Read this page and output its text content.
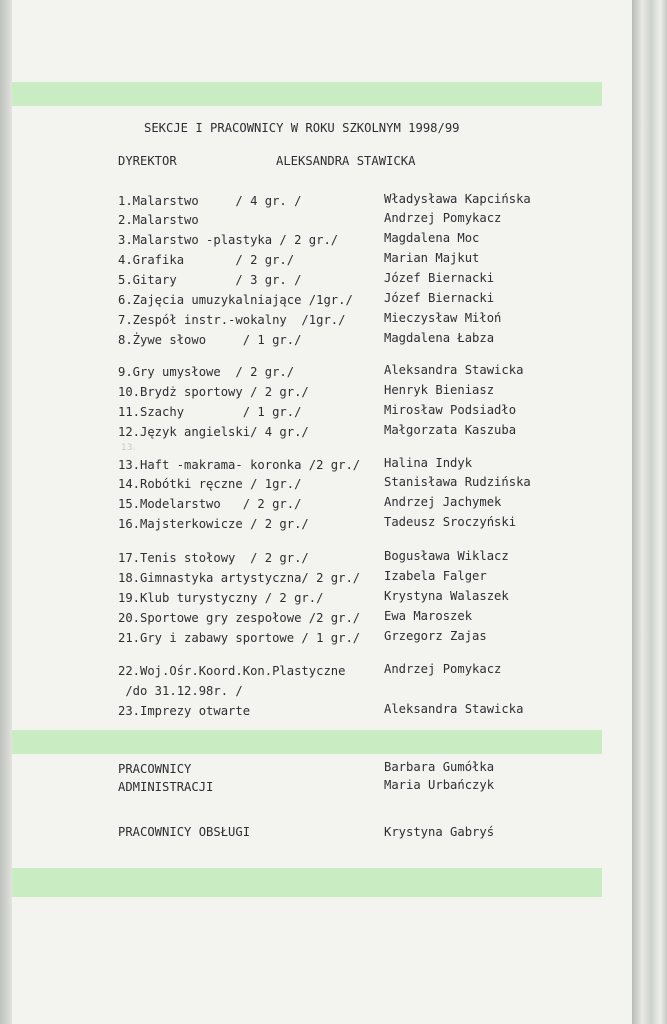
SEKCJE I PRACOWNICY W ROKU SZKOLNYM 1998/99
DYREKTOR	ALEKSANDRA STAWICKA
1.Malarstwo     / 4 gr. /	Władysława Kapcińska
2.Malarstwo	Andrzej Pomykacz
3.Malarstwo -plastyka / 2 gr./	Magdalena Moc
4.Grafika       / 2 gr./	Marian Majkut
5.Gitary        / 3 gr. /	Józef Biernacki
6.Zajęcia umuzykalniające /1gr./	Józef Biernacki
7.Zespół instr.-wokalny  /1gr./	Mieczysław Miłoń
8.Żywe słowo     / 1 gr./	Magdalena Łabza
9.Gry umysłowe  / 2 gr./	Aleksandra Stawicka
10.Brydż sportowy / 2 gr./	Henryk Bieniasz
11.Szachy        / 1 gr./	Mirosław Podsiadło
12.Język angielski/ 4 gr./	Małgorzata Kaszuba
13.
13.Haft -makrama- koronka /2 gr./ Halina Indyk
14.Robótki ręczne / 1gr./	Stanisława Rudzińska
15.Modelarstwo   / 2 gr./	Andrzej Jachymek
16.Majsterkowicze / 2 gr./	Tadeusz Sroczyński
17.Tenis stołowy  / 2 gr./	Bogusława Wiklacz
18.Gimnastyka artystyczna/ 2 gr./ Izabela Falger
19.Klub turystyczny / 2 gr./	Krystyna Walaszek
20.Sportowe gry zespołowe /2 gr./ Ewa Maroszek
21.Gry i zabawy sportowe / 1 gr./ Grzegorz Zajas
22.Woj.Ośr.Koord.Kon.Plastyczne	Andrzej Pomykacz
/do 31.12.98r. /
23.Imprezy otwarte	Aleksandra Stawicka
PRACOWNICY	Barbara Gumółka
ADMINISTRACJI	Maria Urbańczyk
PRACOWNICY OBSŁUGI	Krystyna Gabryś
